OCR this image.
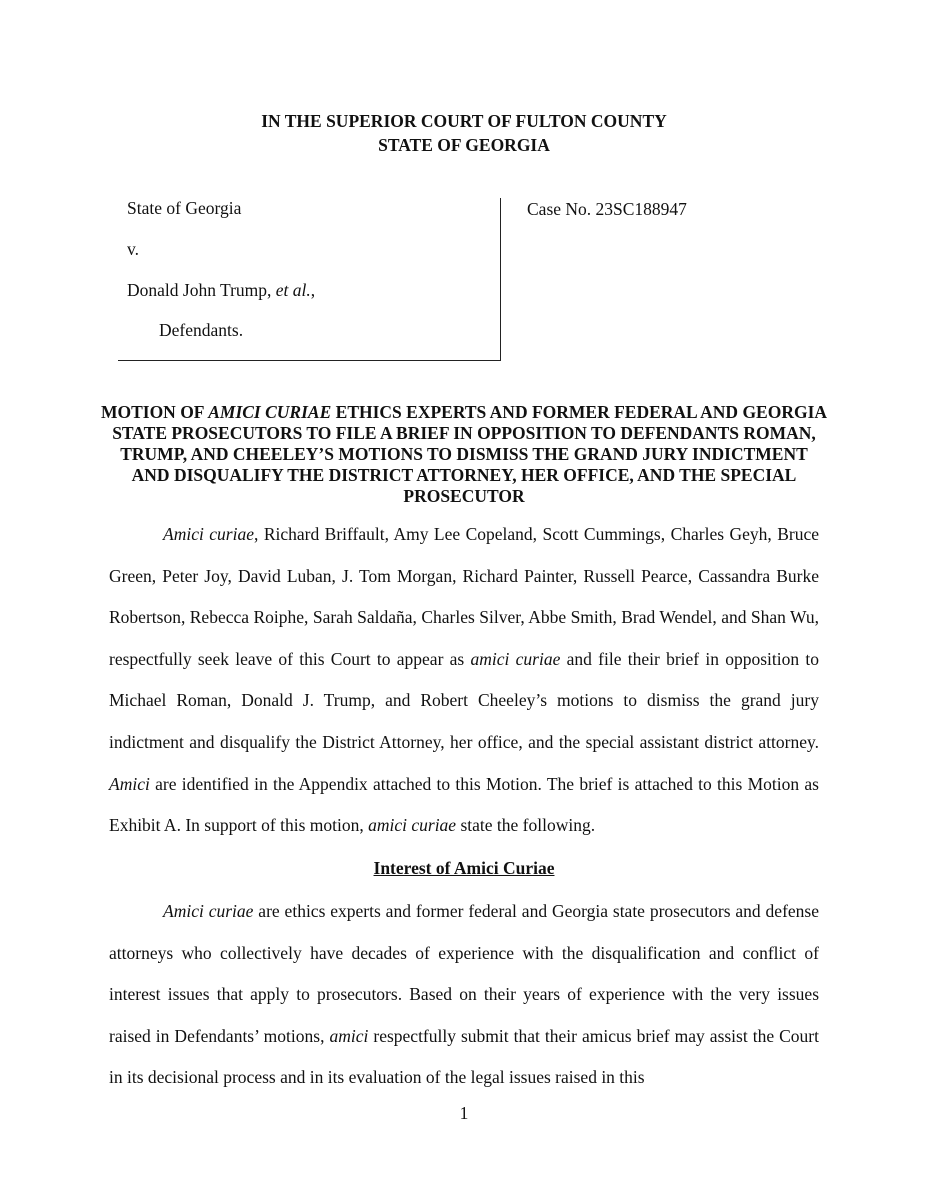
IN THE SUPERIOR COURT OF FULTON COUNTY
STATE OF GEORGIA
State of Georgia
v.
Donald John Trump, et al.,
Defendants.
Case No. 23SC188947
MOTION OF AMICI CURIAE ETHICS EXPERTS AND FORMER FEDERAL AND GEORGIA STATE PROSECUTORS TO FILE A BRIEF IN OPPOSITION TO DEFENDANTS ROMAN, TRUMP, AND CHEELEY’S MOTIONS TO DISMISS THE GRAND JURY INDICTMENT AND DISQUALIFY THE DISTRICT ATTORNEY, HER OFFICE, AND THE SPECIAL PROSECUTOR
Amici curiae, Richard Briffault, Amy Lee Copeland, Scott Cummings, Charles Geyh, Bruce Green, Peter Joy, David Luban, J. Tom Morgan, Richard Painter, Russell Pearce, Cassandra Burke Robertson, Rebecca Roiphe, Sarah Saldaña, Charles Silver, Abbe Smith, Brad Wendel, and Shan Wu, respectfully seek leave of this Court to appear as amici curiae and file their brief in opposition to Michael Roman, Donald J. Trump, and Robert Cheeley’s motions to dismiss the grand jury indictment and disqualify the District Attorney, her office, and the special assistant district attorney. Amici are identified in the Appendix attached to this Motion. The brief is attached to this Motion as Exhibit A. In support of this motion, amici curiae state the following.
Interest of Amici Curiae
Amici curiae are ethics experts and former federal and Georgia state prosecutors and defense attorneys who collectively have decades of experience with the disqualification and conflict of interest issues that apply to prosecutors. Based on their years of experience with the very issues raised in Defendants’ motions, amici respectfully submit that their amicus brief may assist the Court in its decisional process and in its evaluation of the legal issues raised in this
1
